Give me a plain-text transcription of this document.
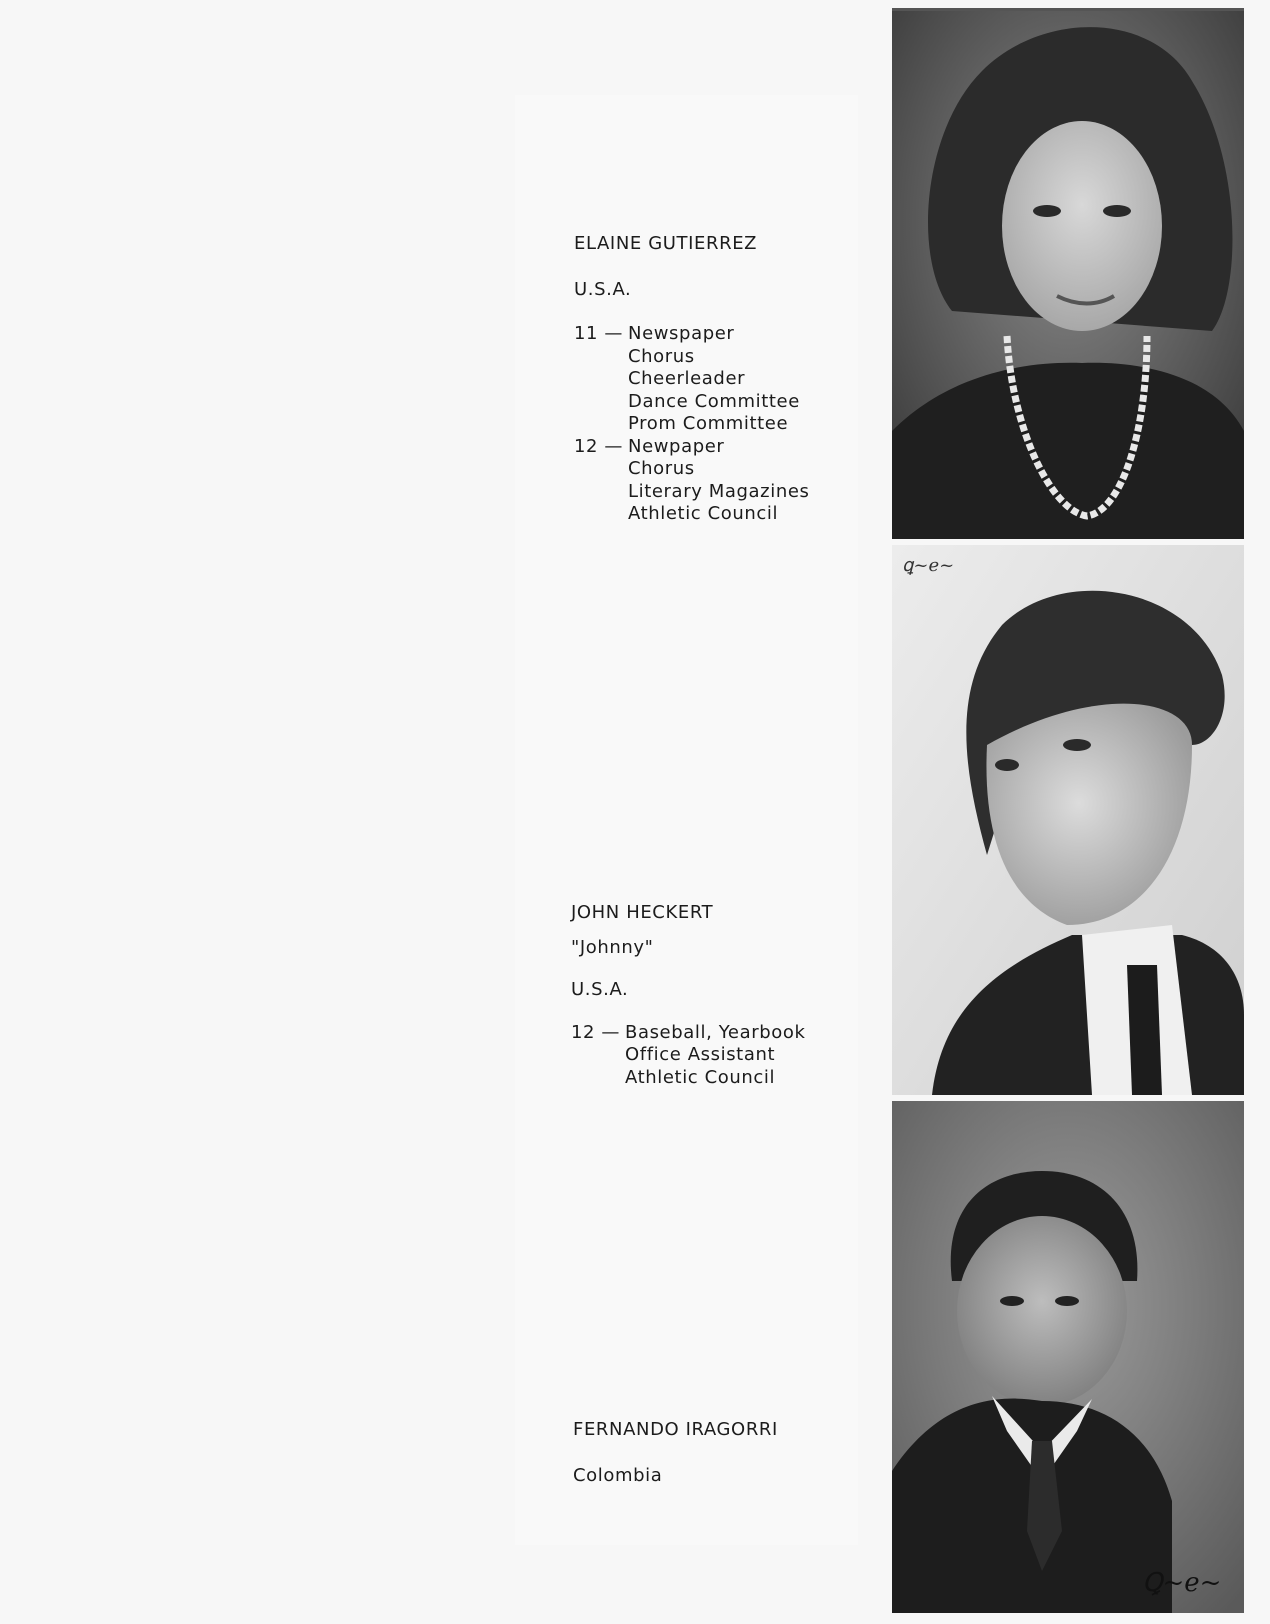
ELAINE GUTIERREZ

U.S.A.

11 — Newspaper
Chorus
Cheerleader
Dance Committee
Prom Committee
12 — Newpaper
Chorus
Literary Magazines
Athletic Council

JOHN HECKERT

"Johnny"

U.S.A.

12 — Baseball, Yearbook
Office Assistant
Athletic Council

FERNANDO IRAGORRI

Colombia

ꝗ~e~
Ꝗ~e~
